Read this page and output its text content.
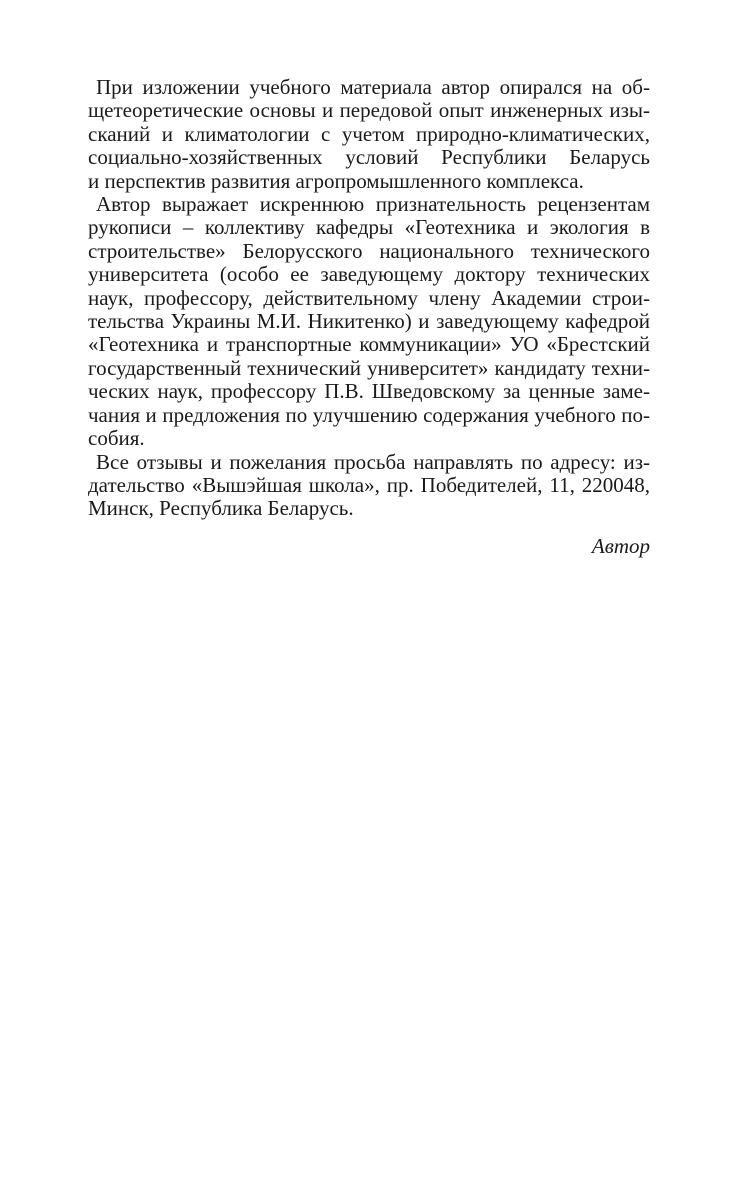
При изложении учебного материала автор опирался на об-
щетеоретические основы и передовой опыт инженерных изы-
сканий и климатологии с учетом природно-климатических,
социально-хозяйственных условий Республики Беларусь
и перспектив развития агропромышленного комплекса.

Автор выражает искреннюю признательность рецензентам
рукописи – коллективу кафедры «Геотехника и экология в
строительстве» Белорусского национального технического
университета (особо ее заведующему доктору технических
наук, профессору, действительному члену Академии строи-
тельства Украины М.И. Никитенко) и заведующему кафедрой
«Геотехника и транспортные коммуникации» УО «Брестский
государственный технический университет» кандидату техни-
ческих наук, профессору П.В. Шведовскому за ценные заме-
чания и предложения по улучшению содержания учебного по-
собия.

Все отзывы и пожелания просьба направлять по адресу: из-
дательство «Вышэйшая школа», пр. Победителей, 11, 220048,
Минск, Республика Беларусь.

Автор
